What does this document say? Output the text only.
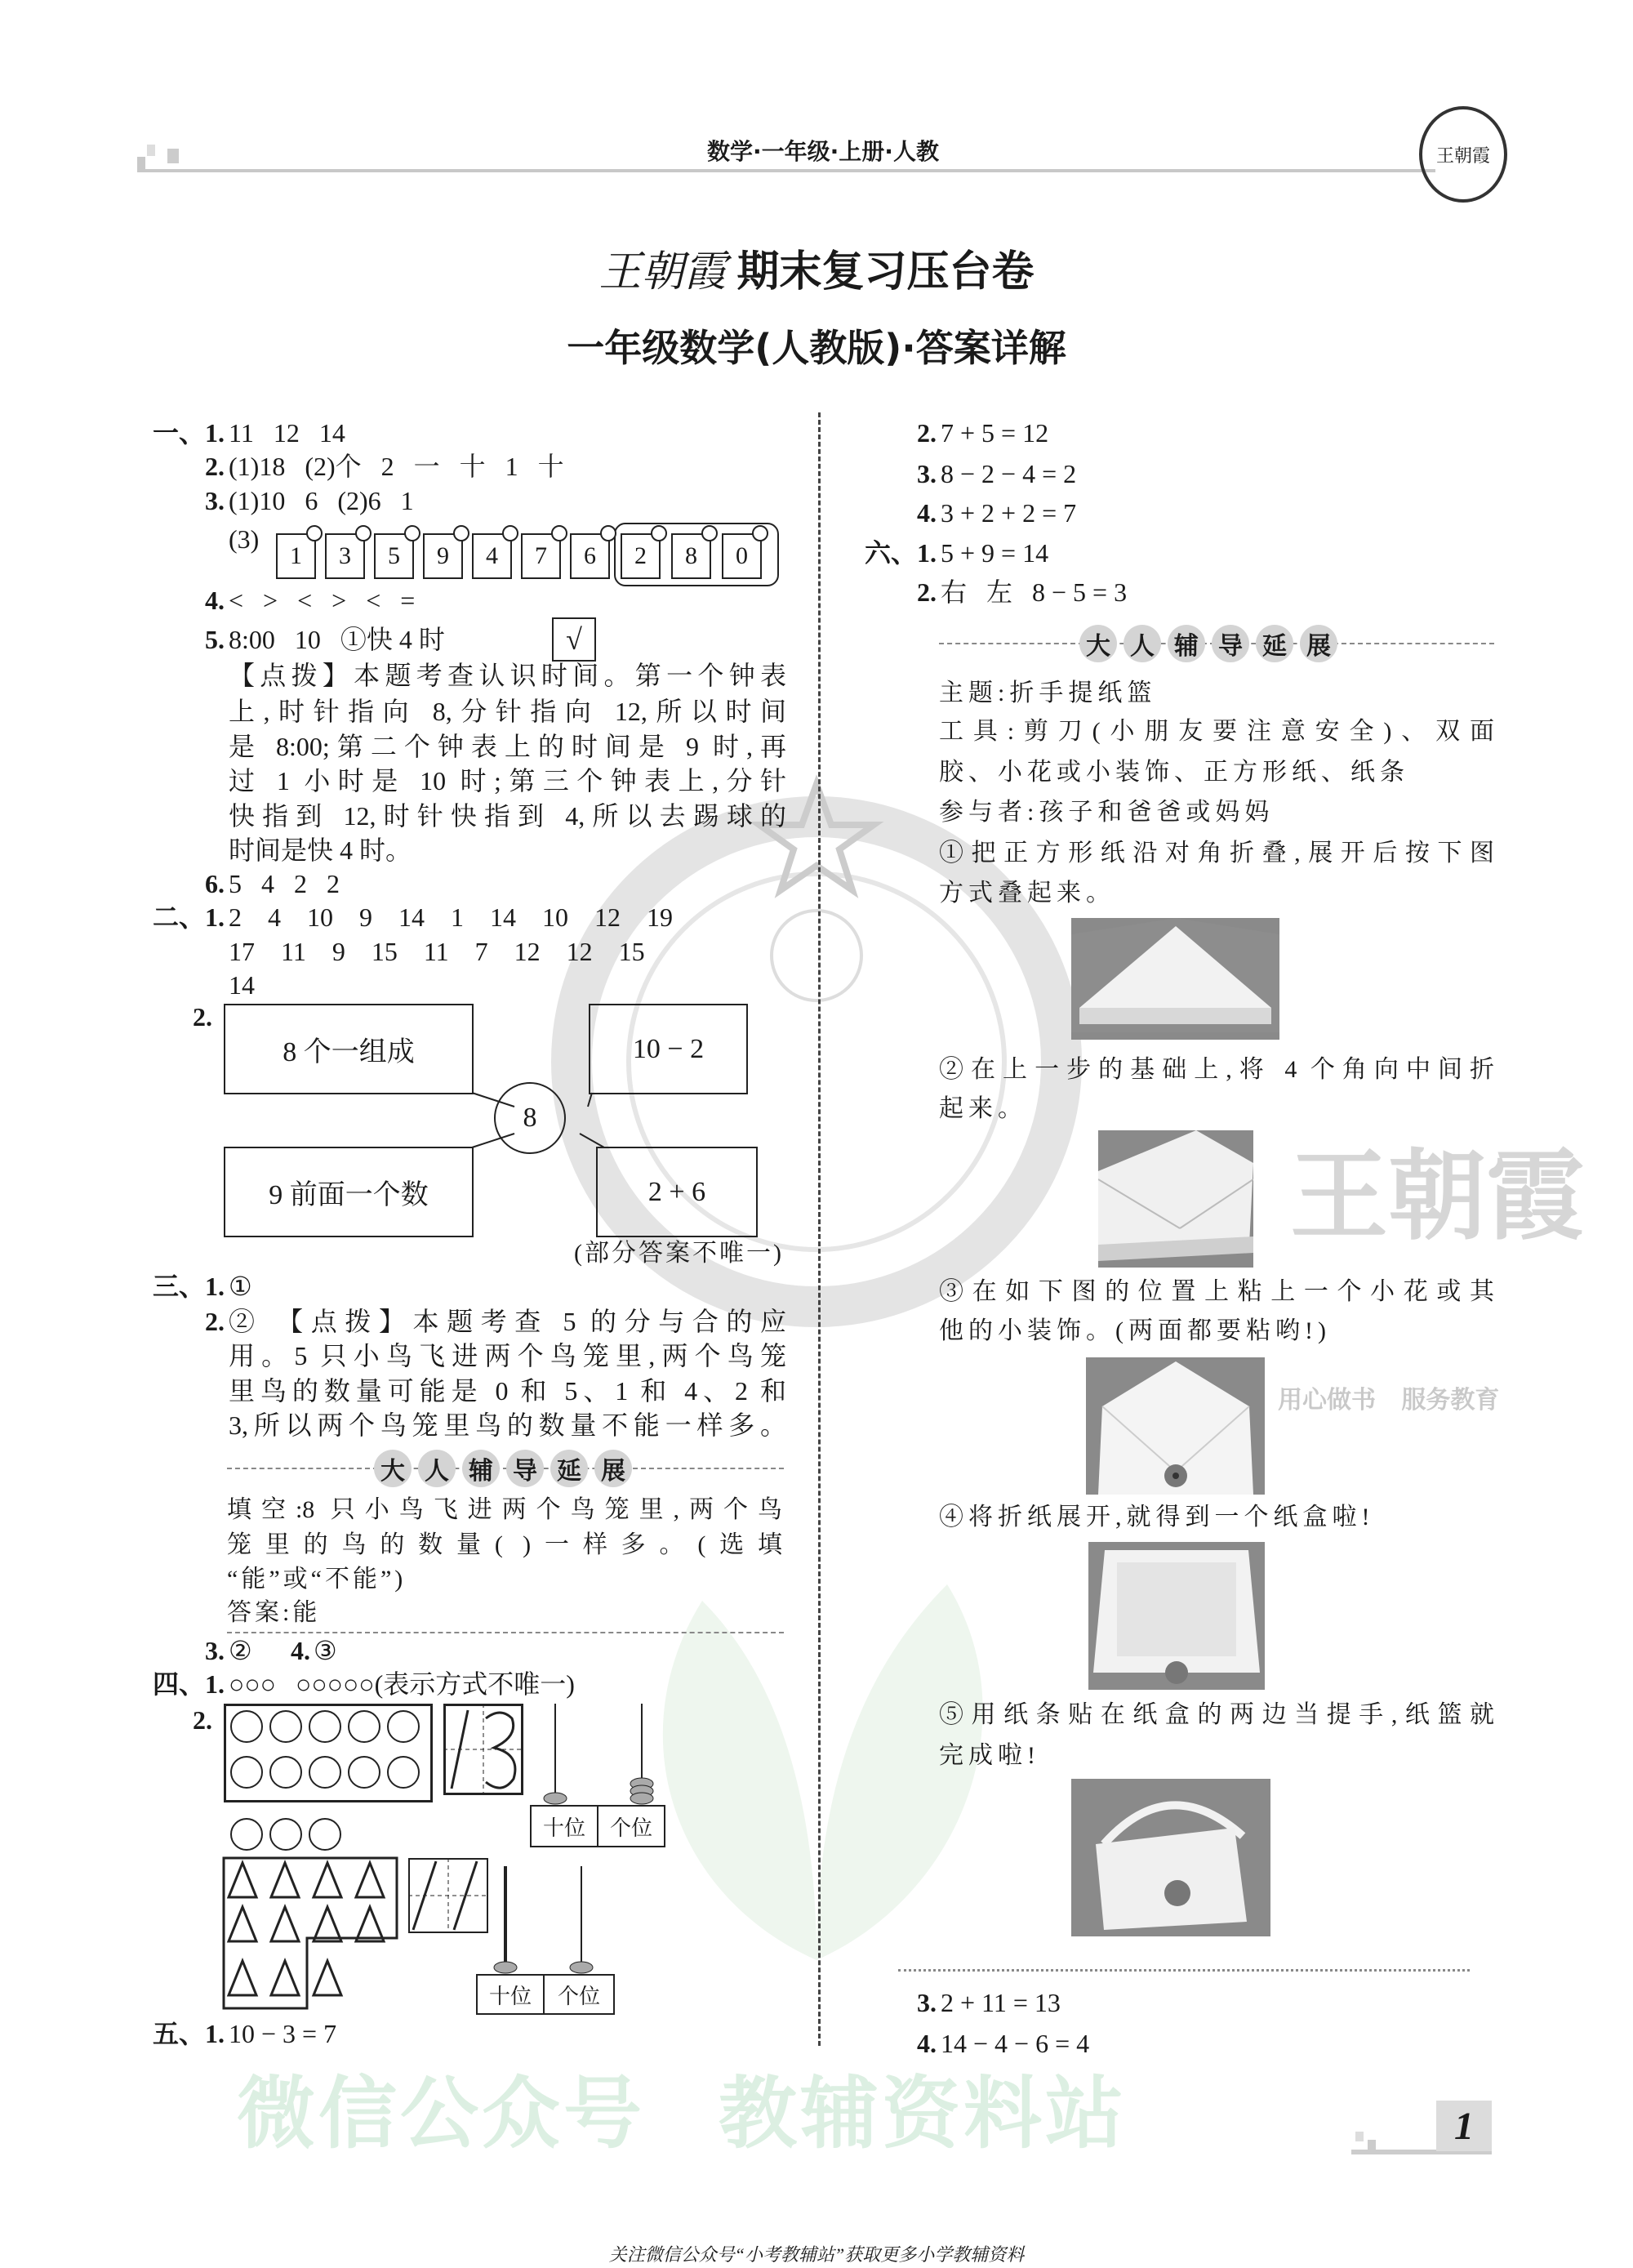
王朝霞
用心做书   服务教育
微信公众号 教辅资料站
数学·一年级·上册·人教	王朝霞
王朝霞 期末复习压台卷
一年级数学(人教版)·答案详解
一、1. 11   12   14
2. (1)18   (2)个   2   一   十   1   十
3. (1)10   6   (2)6   1
(3)
1 3 5 9 4 7 6 2 8 0
4. <   >   <   >   <   =
5. 8:00   10   ①快 4 时	√
【点拨】本题考查认识时间。第一个钟表
上,时针指向 8,分针指向 12,所以时间
是 8:00;第二个钟表上的时间是 9 时,再
过 1 小时是 10 时;第三个钟表上,分针
快指到 12,时针快指到 4,所以去踢球的
时间是快 4 时。
6. 5   4   2   2
二、1. 2    4    10    9    14    1    14    10    12    19
17    11    9    15    11    7    12    12    15
14
2.
8 个一组成	10 − 2
8
9 前面一个数	2 + 6
(部分答案不唯一)
三、1. ①
2. ② 【点拨】本题考查 5 的分与合的应
用。5 只小鸟飞进两个鸟笼里,两个鸟笼
里鸟的数量可能是 0 和 5、1 和 4、2 和
3,所以两个鸟笼里鸟的数量不能一样多。
大 人 辅 导 延 展
填空:8 只小鸟飞进两个鸟笼里,两个鸟
笼里的鸟的数量( )一样多。(选填
“能”或“不能”)
答案:能
3. ②	4. ③
四、1. ○○○   ○○○○○(表示方式不唯一)
2.
十位	个位
十位	个位
五、1. 10 − 3 = 7
2. 7 + 5 = 12
3. 8 − 2 − 4 = 2
4. 3 + 2 + 2 = 7
六、1. 5 + 9 = 14
2. 右   左   8 − 5 = 3
大 人 辅 导 延 展
主题:折手提纸篮
工具:剪刀(小朋友要注意安全)、双面
胶、小花或小装饰、正方形纸、纸条
参与者:孩子和爸爸或妈妈
①把正方形纸沿对角折叠,展开后按下图
方式叠起来。
②在上一步的基础上,将 4 个角向中间折
起来。
③在如下图的位置上粘上一个小花或其
他的小装饰。(两面都要粘哟!)
④将折纸展开,就得到一个纸盒啦!
⑤用纸条贴在纸盒的两边当提手,纸篮就
完成啦!
3. 2 + 11 = 13
4. 14 − 4 − 6 = 4
1
关注微信公众号“小考教辅站”获取更多小学教辅资料
